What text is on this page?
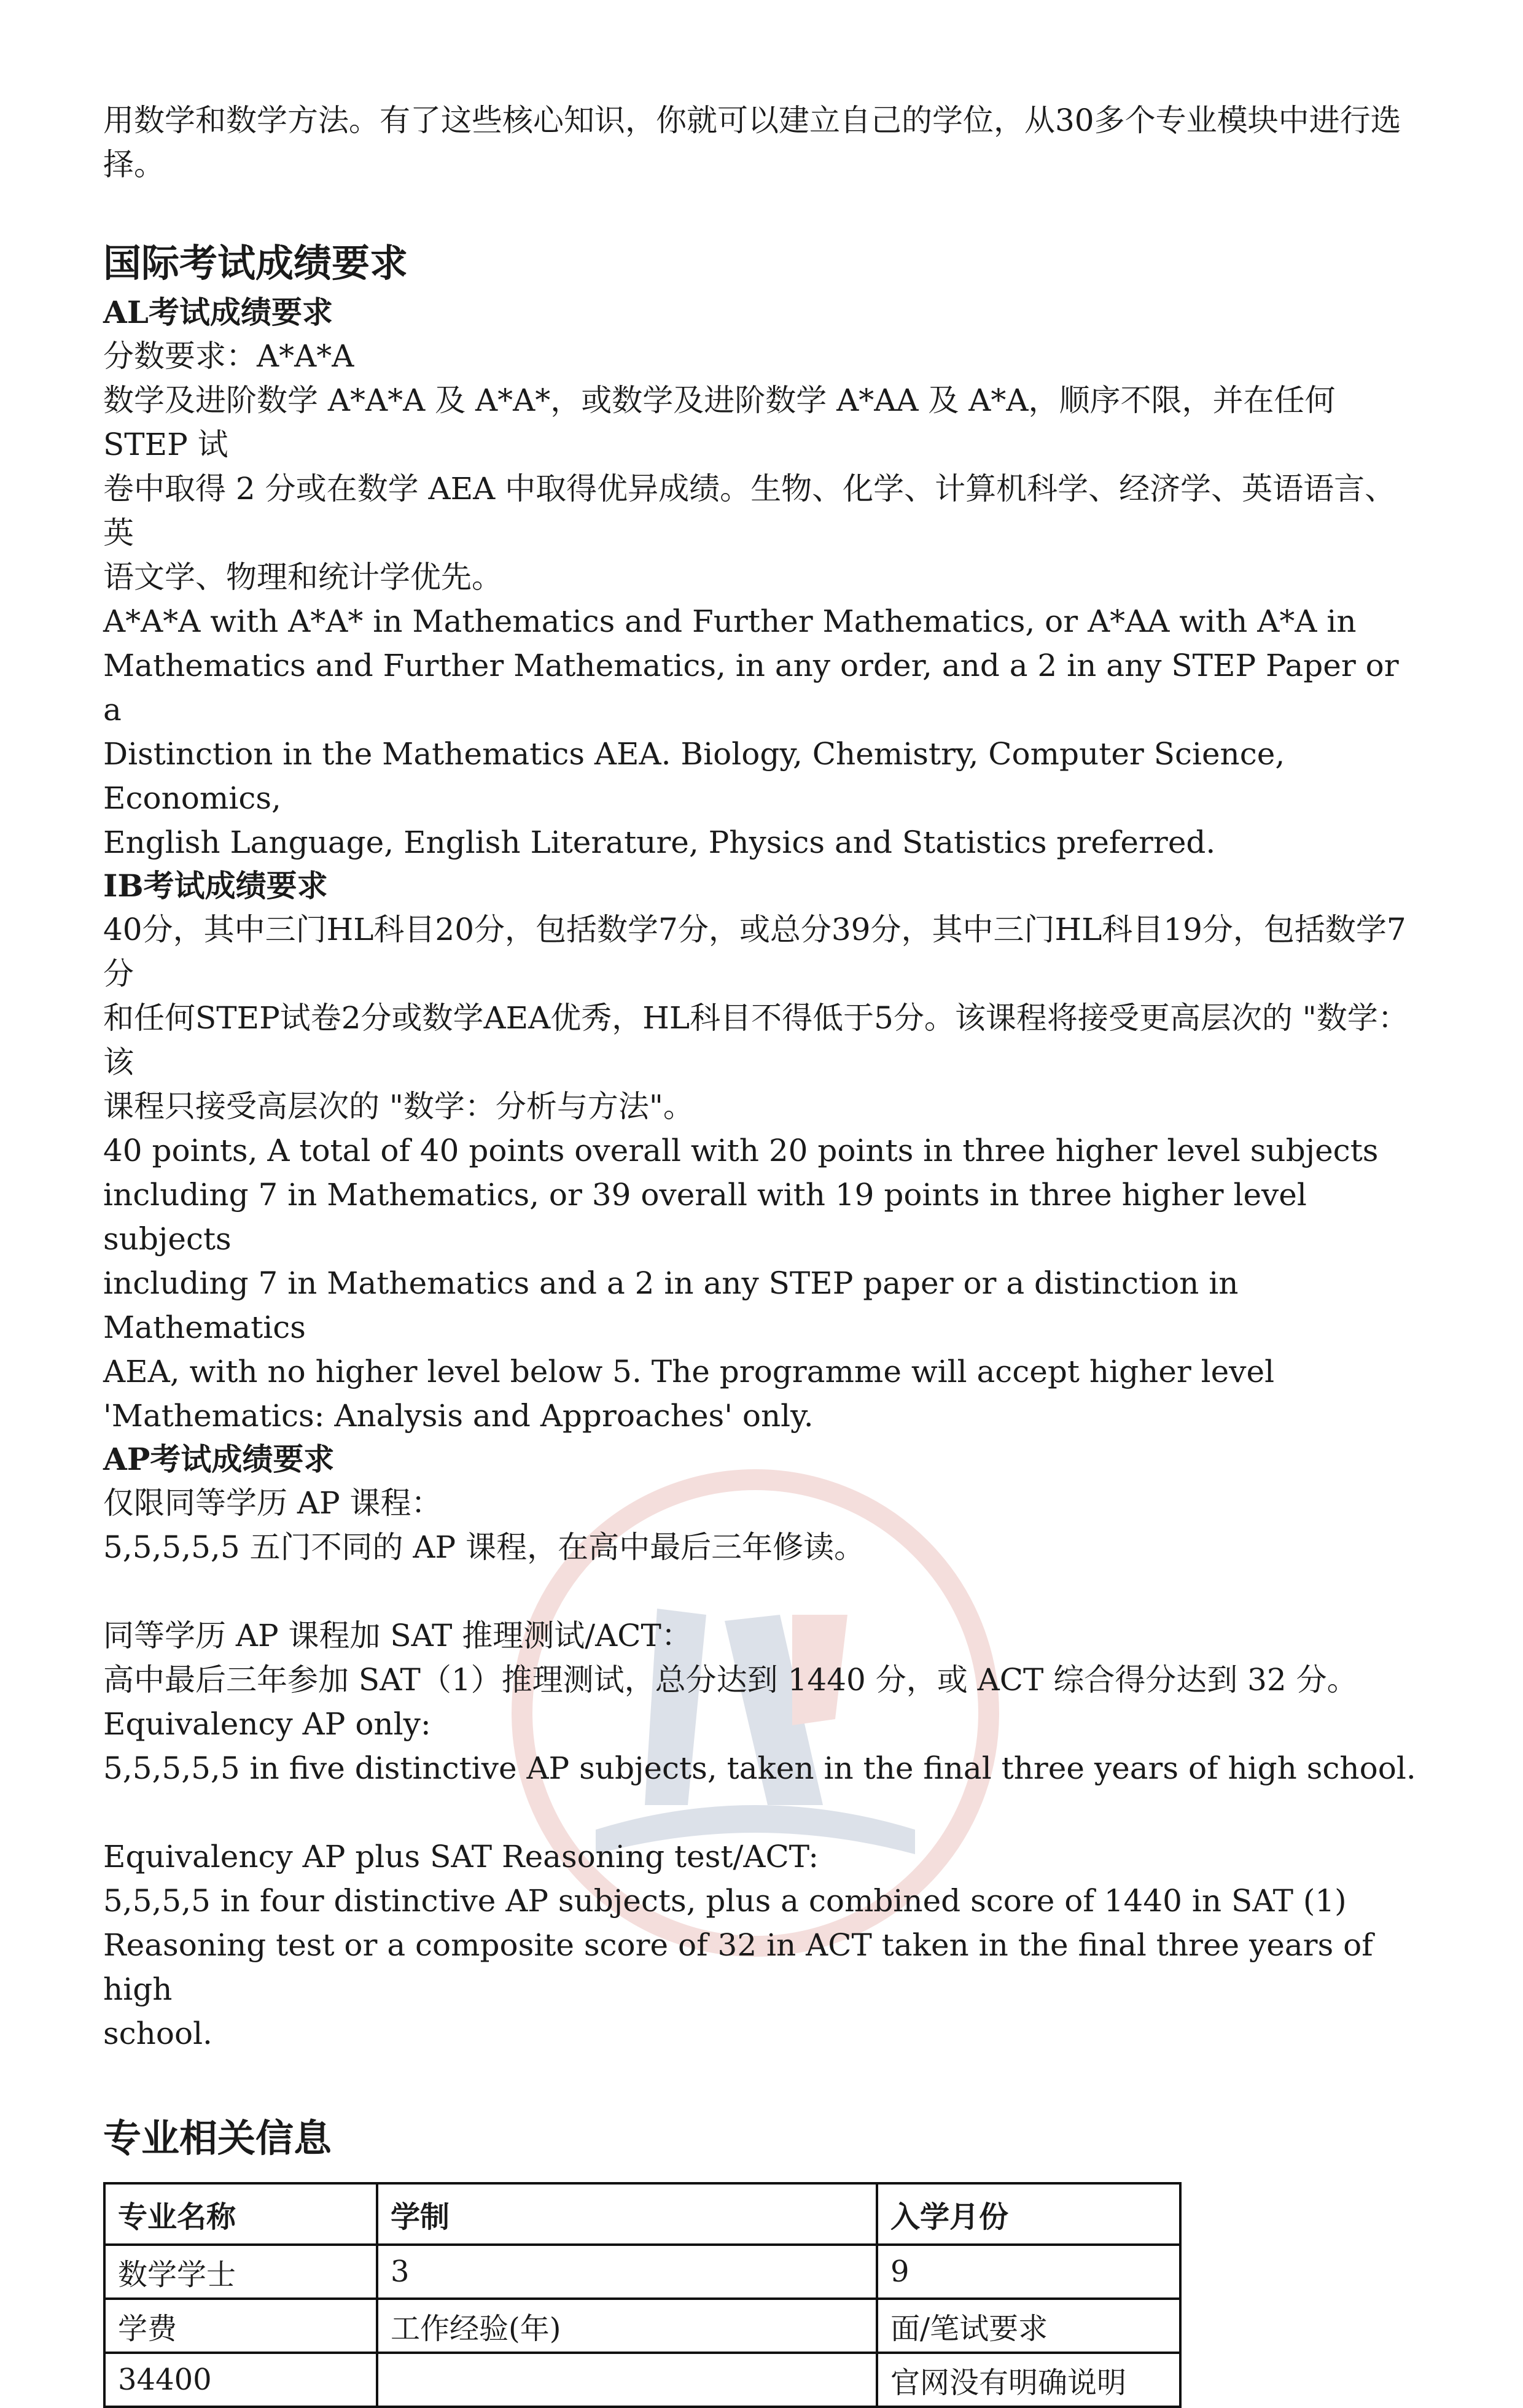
用数学和数学方法。有了这些核心知识，你就可以建立自己的学位，从30多个专业模块中进行选

择。

国际考试成绩要求

AL考试成绩要求

分数要求：A*A*A

数学及进阶数学 A*A*A 及 A*A*，或数学及进阶数学 A*AA 及 A*A，顺序不限，并在任何 STEP 试

卷中取得 2 分或在数学 AEA 中取得优异成绩。生物、化学、计算机科学、经济学、英语语言、英

语文学、物理和统计学优先。

A*A*A with A*A* in Mathematics and Further Mathematics, or A*AA with A*A in

Mathematics and Further Mathematics, in any order, and a 2 in any STEP Paper or a

Distinction in the Mathematics AEA. Biology, Chemistry, Computer Science, Economics,

English Language, English Literature, Physics and Statistics preferred.

IB考试成绩要求

40分，其中三门HL科目20分，包括数学7分，或总分39分，其中三门HL科目19分，包括数学7分

和任何STEP试卷2分或数学AEA优秀，HL科目不得低于5分。该课程将接受更高层次的 "数学：该

课程只接受高层次的 "数学：分析与方法"。

40 points, A total of 40 points overall with 20 points in three higher level subjects

including 7 in Mathematics, or 39 overall with 19 points in three higher level subjects

including 7 in Mathematics and a 2 in any STEP paper or a distinction in Mathematics

AEA, with no higher level below 5. The programme will accept higher level

'Mathematics: Analysis and Approaches' only.

AP考试成绩要求

仅限同等学历 AP 课程：

5,5,5,5,5 五门不同的 AP 课程，在高中最后三年修读。

同等学历 AP 课程加 SAT 推理测试/ACT：

高中最后三年参加 SAT（1）推理测试，总分达到 1440 分，或 ACT 综合得分达到 32 分。

Equivalency AP only:

5,5,5,5,5 in five distinctive AP subjects, taken in the final three years of high school.

Equivalency AP plus SAT Reasoning test/ACT:

5,5,5,5 in four distinctive AP subjects, plus a combined score of 1440 in SAT (1)

Reasoning test or a composite score of 32 in ACT taken in the final three years of high

school.

专业相关信息

专业名称	学制	入学月份
数学学士	3	9
学费	工作经验(年)	面/笔试要求
34400		官网没有明确说明
